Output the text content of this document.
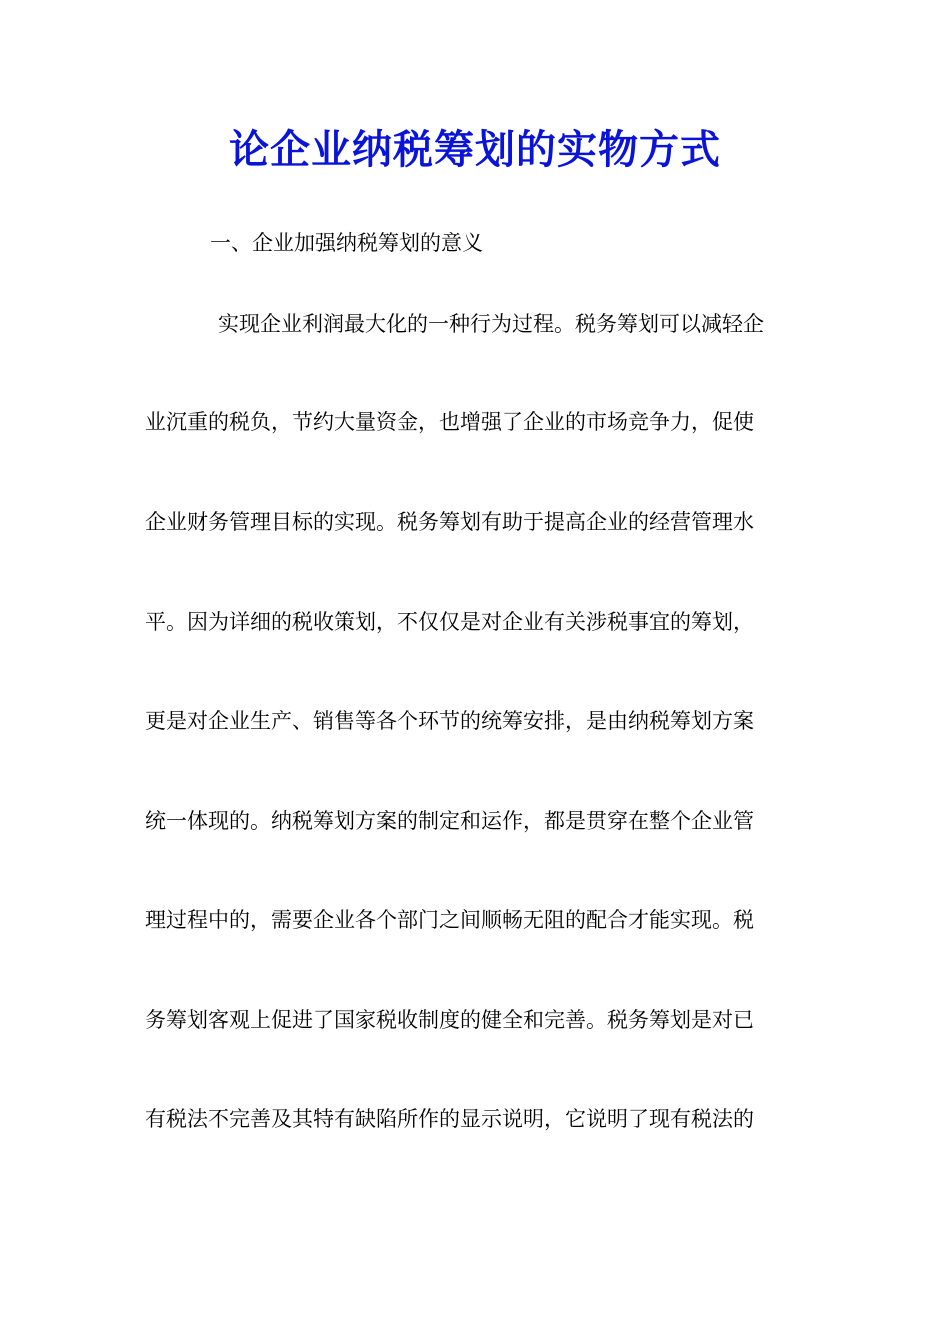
论企业纳税筹划的实物方式

一、企业加强纳税筹划的意义

实现企业利润最大化的一种行为过程。税务筹划可以减轻企

业沉重的税负，节约大量资金，也增强了企业的市场竞争力，促使

企业财务管理目标的实现。税务筹划有助于提高企业的经营管理水

平。因为详细的税收策划，不仅仅是对企业有关涉税事宜的筹划，

更是对企业生产、销售等各个环节的统筹安排，是由纳税筹划方案

统一体现的。纳税筹划方案的制定和运作，都是贯穿在整个企业管

理过程中的，需要企业各个部门之间顺畅无阻的配合才能实现。税

务筹划客观上促进了国家税收制度的健全和完善。税务筹划是对已

有税法不完善及其特有缺陷所作的显示说明，它说明了现有税法的
